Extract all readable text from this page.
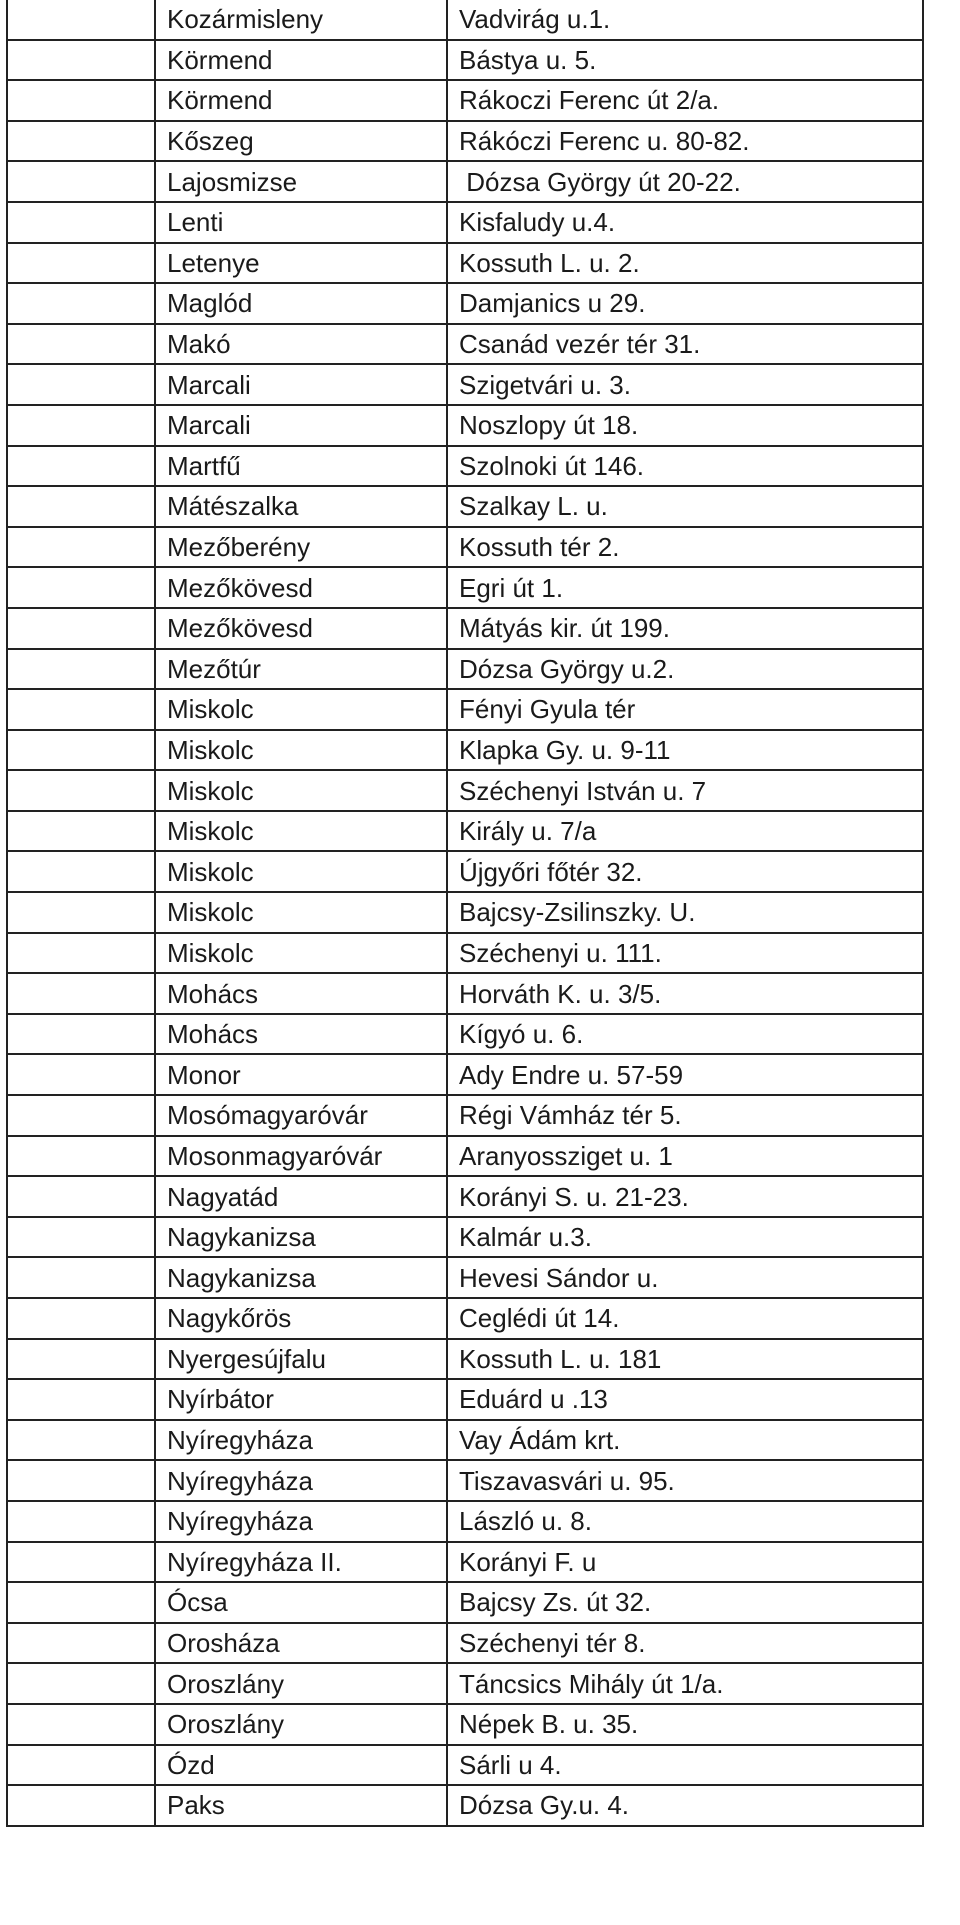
	Kozármisleny	Vadvirág u.1.
	Körmend	Bástya u. 5.
	Körmend	Rákoczi Ferenc út 2/a.
	Kőszeg	Rákóczi Ferenc u. 80-82.
	Lajosmizse	Dózsa György út 20-22.
	Lenti	Kisfaludy u.4.
	Letenye	Kossuth L. u. 2.
	Maglód	Damjanics u 29.
	Makó	Csanád vezér tér 31.
	Marcali	Szigetvári u. 3.
	Marcali	Noszlopy út 18.
	Martfű	Szolnoki út 146.
	Mátészalka	Szalkay L. u.
	Mezőberény	Kossuth tér 2.
	Mezőkövesd	Egri út 1.
	Mezőkövesd	Mátyás kir. út 199.
	Mezőtúr	Dózsa György u.2.
	Miskolc	Fényi Gyula tér
	Miskolc	Klapka Gy. u. 9-11
	Miskolc	Széchenyi István u. 7
	Miskolc	Király u. 7/a
	Miskolc	Újgyőri főtér 32.
	Miskolc	Bajcsy-Zsilinszky. U.
	Miskolc	Széchenyi u. 111.
	Mohács	Horváth K. u. 3/5.
	Mohács	Kígyó u. 6.
	Monor	Ady Endre u. 57-59
	Mosómagyaróvár	Régi Vámház tér 5.
	Mosonmagyaróvár	Aranyossziget u. 1
	Nagyatád	Korányi S. u. 21-23.
	Nagykanizsa	Kalmár u.3.
	Nagykanizsa	Hevesi Sándor u.
	Nagykőrös	Ceglédi út 14.
	Nyergesújfalu	Kossuth L. u. 181
	Nyírbátor	Eduárd u .13
	Nyíregyháza	Vay Ádám krt.
	Nyíregyháza	Tiszavasvári u. 95.
	Nyíregyháza	László u. 8.
	Nyíregyháza II.	Korányi F. u
	Ócsa	Bajcsy Zs. út 32.
	Orosháza	Széchenyi tér 8.
	Oroszlány	Táncsics Mihály út 1/a.
	Oroszlány	Népek B. u. 35.
	Ózd	Sárli u 4.
	Paks	Dózsa Gy.u. 4.
